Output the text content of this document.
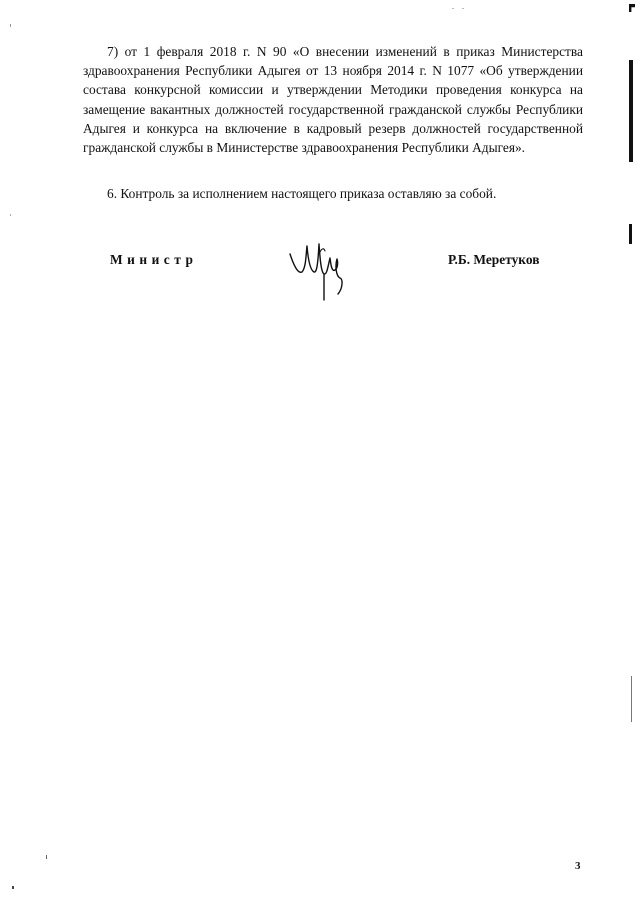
7) от 1 февраля 2018 г. N 90 «О внесении изменений в приказ Министерства здравоохранения Республики Адыгея от 13 ноября 2014 г. N 1077 «Об утверждении состава конкурсной комиссии и утверждении Методики проведения конкурса на замещение вакантных должностей государственной гражданской службы Республики Адыгея и конкурса на включение в кадровый резерв должностей государственной гражданской службы в Министерстве здравоохранения Республики Адыгея».

6. Контроль за исполнением настоящего приказа оставляю за собой.

Министр	Р.Б. Меретуков
3
